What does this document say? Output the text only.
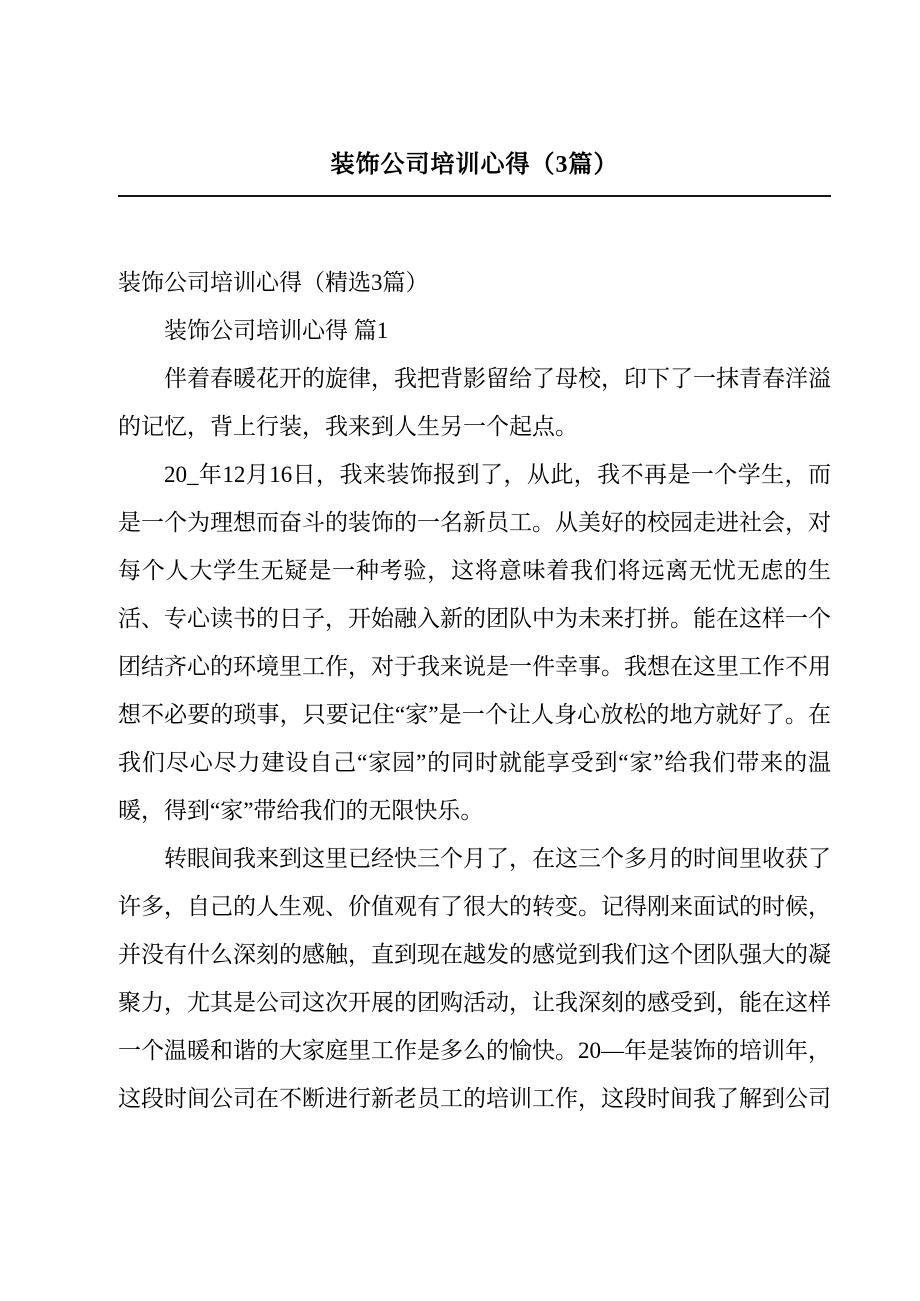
装饰公司培训心得（3篇）

装饰公司培训心得（精选3篇）

装饰公司培训心得 篇1

伴着春暖花开的旋律，我把背影留给了母校，印下了一抹青春洋溢的记忆，背上行装，我来到人生另一个起点。

20_年12月16日，我来装饰报到了，从此，我不再是一个学生，而是一个为理想而奋斗的装饰的一名新员工。从美好的校园走进社会，对每个人大学生无疑是一种考验，这将意味着我们将远离无忧无虑的生活、专心读书的日子，开始融入新的团队中为未来打拼。能在这样一个团结齐心的环境里工作，对于我来说是一件幸事。我想在这里工作不用想不必要的琐事，只要记住“家”是一个让人身心放松的地方就好了。在我们尽心尽力建设自己“家园”的同时就能享受到“家”给我们带来的温暖，得到“家”带给我们的无限快乐。

转眼间我来到这里已经快三个月了，在这三个多月的时间里收获了许多，自己的人生观、价值观有了很大的转变。记得刚来面试的时候，并没有什么深刻的感触，直到现在越发的感觉到我们这个团队强大的凝聚力，尤其是公司这次开展的团购活动，让我深刻的感受到，能在这样一个温暖和谐的大家庭里工作是多么的愉快。20—年是装饰的培训年，这段时间公司在不断进行新老员工的培训工作，这段时间我了解到公司
